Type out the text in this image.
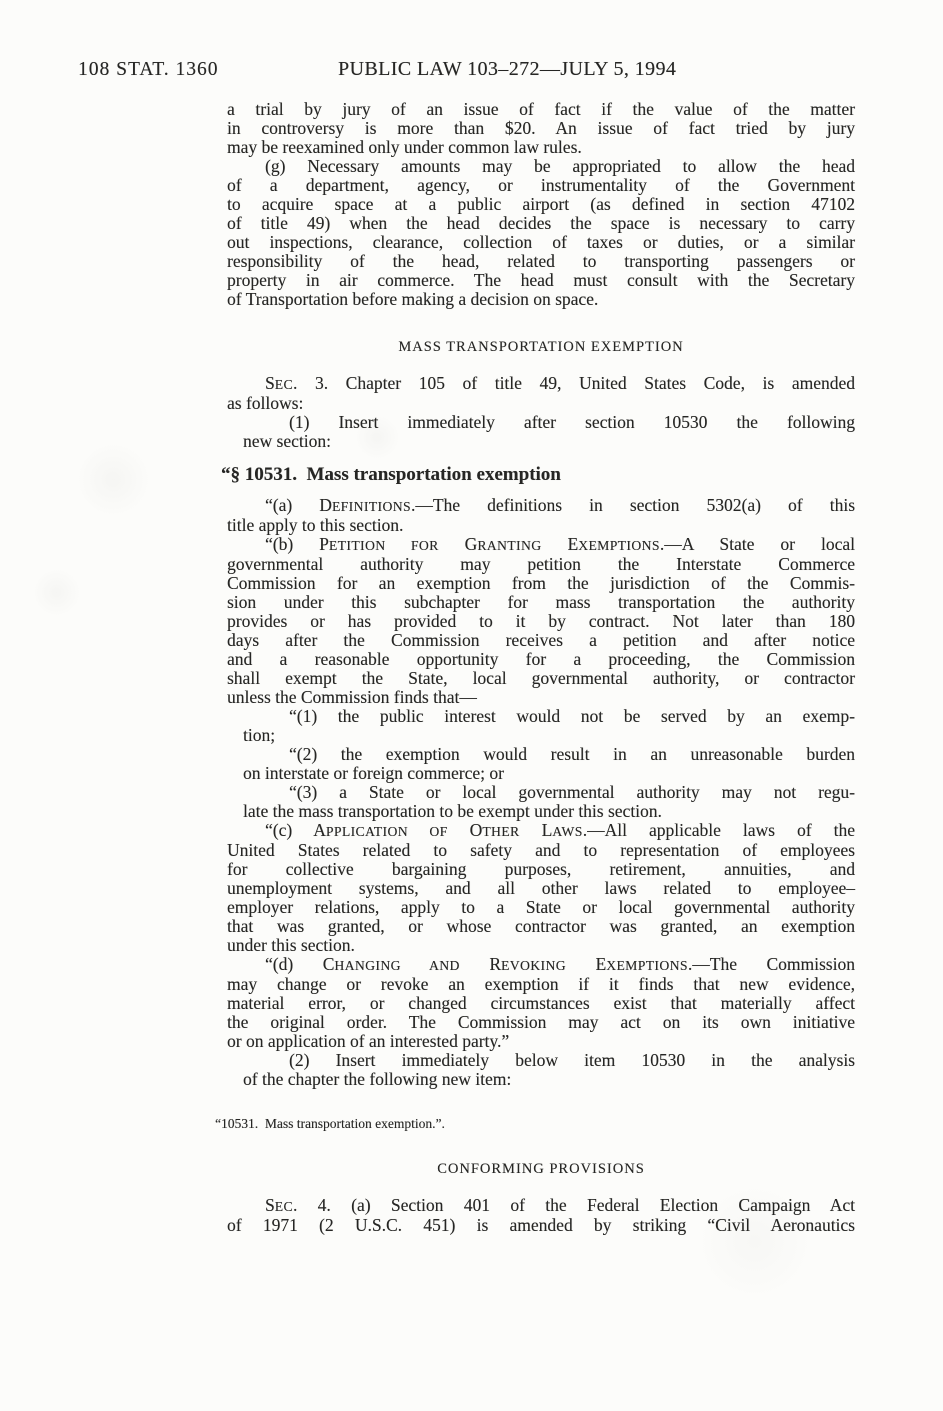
108 STAT. 1360	PUBLIC LAW 103–272—JULY 5, 1994
a trial by jury of an issue of fact if the value of the matter
in controversy is more than $20. An issue of fact tried by jury
may be reexamined only under common law rules.
(g) Necessary amounts may be appropriated to allow the head
of a department, agency, or instrumentality of the Government
to acquire space at a public airport (as defined in section 47102
of title 49) when the head decides the space is necessary to carry
out inspections, clearance, collection of taxes or duties, or a similar
responsibility of the head, related to transporting passengers or
property in air commerce. The head must consult with the Secretary
of Transportation before making a decision on space.
MASS TRANSPORTATION EXEMPTION
SEC. 3. Chapter 105 of title 49, United States Code, is amended
as follows:
(1) Insert immediately after section 10530 the following
new section:
“§ 10531. Mass transportation exemption
“(a) DEFINITIONS.—The definitions in section 5302(a) of this
title apply to this section.
“(b) PETITION FOR GRANTING EXEMPTIONS.—A State or local
governmental authority may petition the Interstate Commerce
Commission for an exemption from the jurisdiction of the Commis-
sion under this subchapter for mass transportation the authority
provides or has provided to it by contract. Not later than 180
days after the Commission receives a petition and after notice
and a reasonable opportunity for a proceeding, the Commission
shall exempt the State, local governmental authority, or contractor
unless the Commission finds that—
“(1) the public interest would not be served by an exemp-
tion;
“(2) the exemption would result in an unreasonable burden
on interstate or foreign commerce; or
“(3) a State or local governmental authority may not regu-
late the mass transportation to be exempt under this section.
“(c) APPLICATION OF OTHER LAWS.—All applicable laws of the
United States related to safety and to representation of employees
for collective bargaining purposes, retirement, annuities, and
unemployment systems, and all other laws related to employee–
employer relations, apply to a State or local governmental authority
that was granted, or whose contractor was granted, an exemption
under this section.
“(d) CHANGING AND REVOKING EXEMPTIONS.—The Commission
may change or revoke an exemption if it finds that new evidence,
material error, or changed circumstances exist that materially affect
the original order. The Commission may act on its own initiative
or on application of an interested party.”
(2) Insert immediately below item 10530 in the analysis
of the chapter the following new item:
“10531. Mass transportation exemption.”.
CONFORMING PROVISIONS
SEC. 4. (a) Section 401 of the Federal Election Campaign Act
of 1971 (2 U.S.C. 451) is amended by striking “Civil Aeronautics
